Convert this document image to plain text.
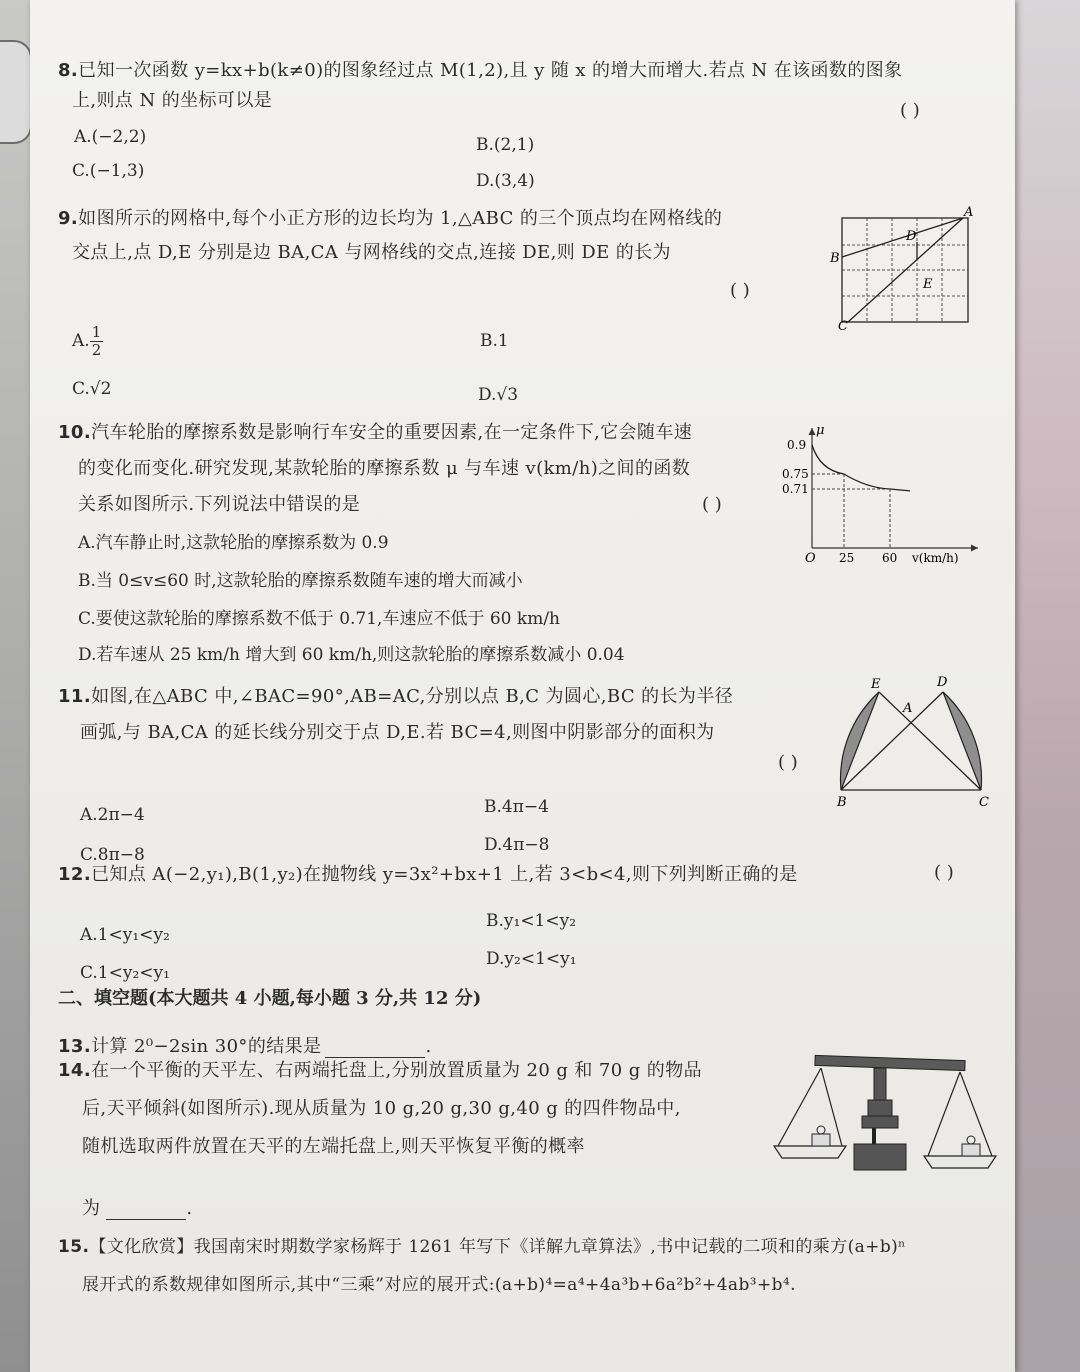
8.已知一次函数 y=kx+b(k≠0)的图象经过点 M(1,2),且 y 随 x 的增大而增大.若点 N 在该函数的图象
上,则点 N 的坐标可以是	( )
A.(−2,2)	B.(2,1)
C.(−1,3)	D.(3,4)
9.如图所示的网格中,每个小正方形的边长均为 1,△ABC 的三个顶点均在网格线的
交点上,点 D,E 分别是边 BA,CA 与网格线的交点,连接 DE,则 DE 的长为
( )
A. $\frac{1}{2}$	B.1
C.√2	D.√3
A
B
C
D
E
10.汽车轮胎的摩擦系数是影响行车安全的重要因素,在一定条件下,它会随车速
的变化而变化.研究发现,某款轮胎的摩擦系数 μ 与车速 v(km/h)之间的函数
关系如图所示.下列说法中错误的是	( )
A.汽车静止时,这款轮胎的摩擦系数为 0.9
B.当 0≤v≤60 时,这款轮胎的摩擦系数随车速的增大而减小
C.要使这款轮胎的摩擦系数不低于 0.71,车速应不低于 60 km/h
D.若车速从 25 km/h 增大到 60 km/h,则这款轮胎的摩擦系数减小 0.04
μ
0.9
0.75
0.71
O 25 60 v(km/h)
11.如图,在△ABC 中,∠BAC=90°,AB=AC,分别以点 B,C 为圆心,BC 的长为半径
画弧,与 BA,CA 的延长线分别交于点 D,E.若 BC=4,则图中阴影部分的面积为
( )
A.2π−4	B.4π−4
C.8π−8	D.4π−8
A
B	C
D
E
12.已知点 A(−2,y₁),B(1,y₂)在抛物线 y=3x²+bx+1 上,若 3<b<4,则下列判断正确的是	( )
A.1<y₁<y₂
B.y₁<1<y₂
C.1<y₂<y₁
D.y₂<1<y₁
二、填空题(本大题共 4 小题,每小题 3 分,共 12 分)
13.计算 2⁰−2sin 30°的结果是	.
14.在一个平衡的天平左、右两端托盘上,分别放置质量为 20 g 和 70 g 的物品
后,天平倾斜(如图所示).现从质量为 10 g,20 g,30 g,40 g 的四件物品中,
随机选取两件放置在天平的左端托盘上,则天平恢复平衡的概率
为	.
15.【文化欣赏】我国南宋时期数学家杨辉于 1261 年写下《详解九章算法》,书中记载的二项和的乘方(a+b)ⁿ
展开式的系数规律如图所示,其中“三乘”对应的展开式:(a+b)⁴=a⁴+4a³b+6a²b²+4ab³+b⁴.
